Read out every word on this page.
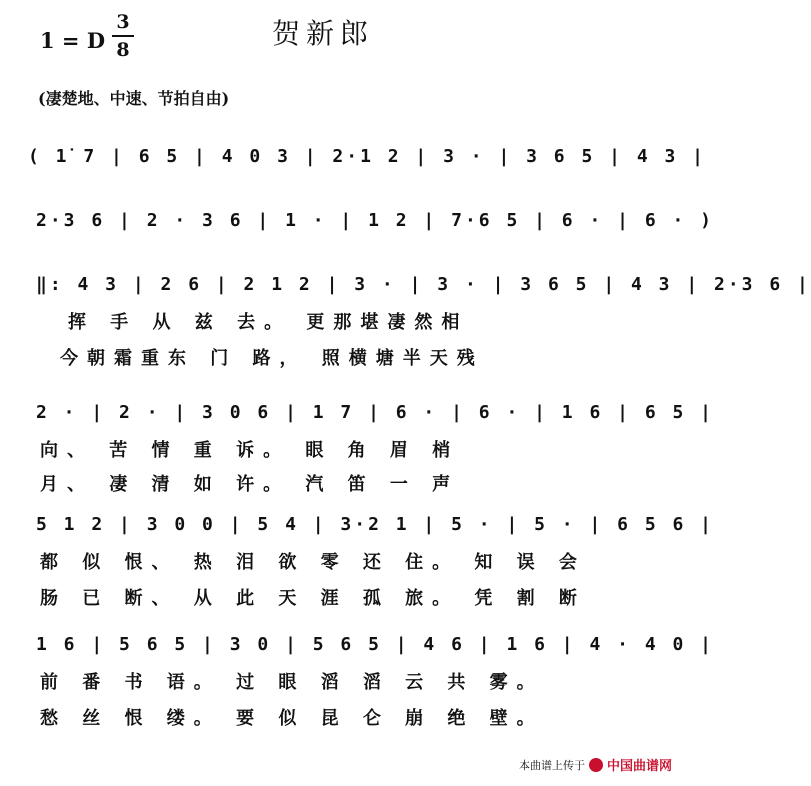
1 = D
3
8	贺新郎
(凄楚地、中速、节拍自由)
( 1̇ 7 | 6 5 | 4 0 3 | 2·1 2 | 3 · | 3 6 5 | 4 3 |
2·3 6 | 2 · 3 6 | 1 · | 1 2 | 7·6 5 | 6 · | 6 · )
‖: 4 3 | 2 6 | 2 1 2 | 3 · | 3 · | 3 6 5 | 4 3 | 2·3 6 |
挥 手 从 兹 去。 更那堪凄然相
今朝霜重东 门 路， 照横塘半天残
2 · | 2 · | 3 0 6 | 1 7 | 6 · | 6 · | 1 6 | 6 5 |
向、 苦 情 重 诉。 眼 角 眉 梢
月、 凄 清 如 许。 汽 笛 一 声
5 1 2 | 3 0 0 | 5 4 | 3·2 1 | 5 · | 5 · | 6 5 6 |
都 似 恨、 热 泪 欲 零 还 住。 知 误 会
肠 已 断、 从 此 天 涯 孤 旅。 凭 割 断
1 6 | 5 6 5 | 3 0 | 5 6 5 | 4 6 | 1 6 | 4 · 4 0 |
前 番 书 语。 过 眼 滔 滔 云 共 雾。
愁 丝 恨 缕。 要 似 昆 仑 崩 绝 壁。
本曲谱上传于 中国曲谱网
